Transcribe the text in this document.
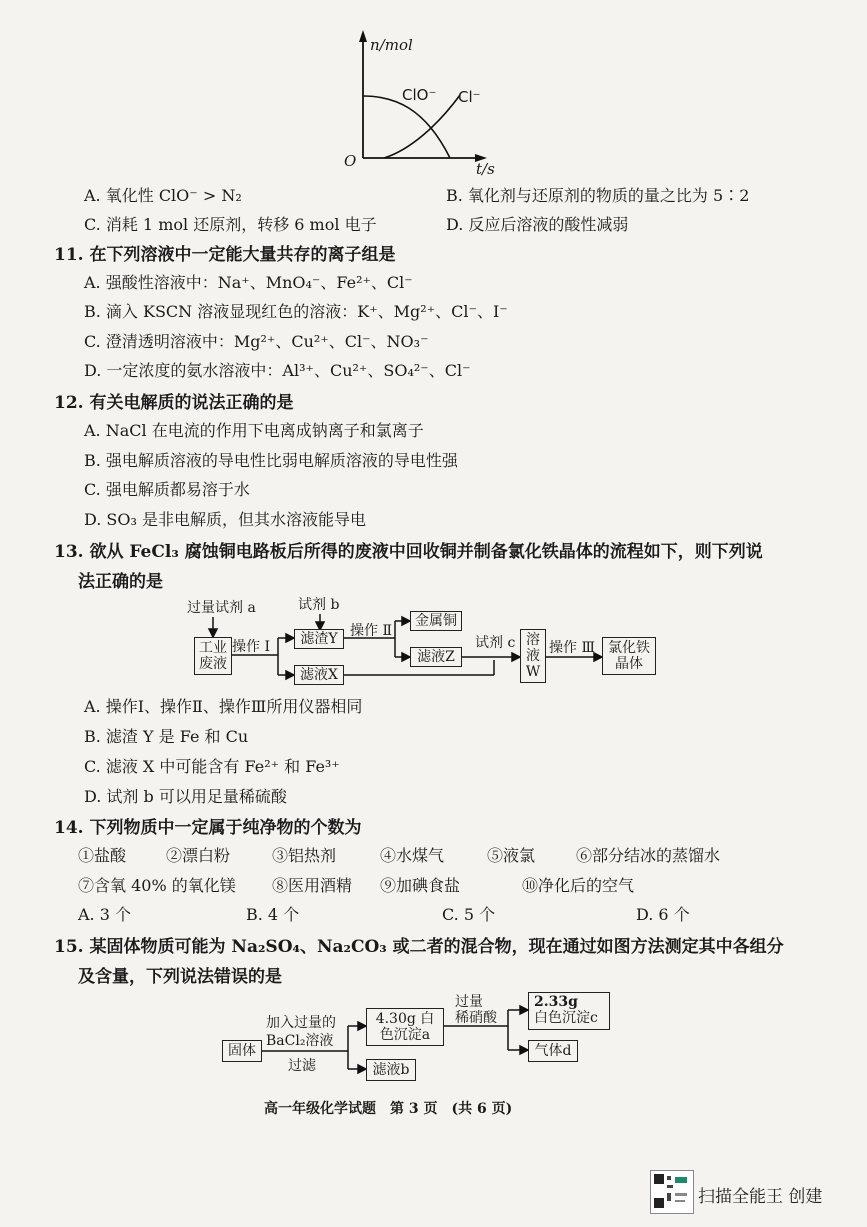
n/mol
t/s
O
ClO⁻ Cl⁻
A. 氧化性 ClO⁻ > N₂	B. 氧化剂与还原剂的物质的量之比为 5∶2
C. 消耗 1 mol 还原剂，转移 6 mol 电子	D. 反应后溶液的酸性减弱
11. 在下列溶液中一定能大量共存的离子组是
A. 强酸性溶液中：Na⁺、MnO₄⁻、Fe²⁺、Cl⁻
B. 滴入 KSCN 溶液显现红色的溶液：K⁺、Mg²⁺、Cl⁻、I⁻
C. 澄清透明溶液中：Mg²⁺、Cu²⁺、Cl⁻、NO₃⁻
D. 一定浓度的氨水溶液中：Al³⁺、Cu²⁺、SO₄²⁻、Cl⁻
12. 有关电解质的说法正确的是
A. NaCl 在电流的作用下电离成钠离子和氯离子
B. 强电解质溶液的导电性比弱电解质溶液的导电性强
C. 强电解质都易溶于水
D. SO₃ 是非电解质，但其水溶液能导电
13. 欲从 FeCl₃ 腐蚀铜电路板后所得的废液中回收铜并制备氯化铁晶体的流程如下，则下列说
法正确的是
过量试剂 a	试剂 b
操作 Ⅰ
操作 Ⅱ
试剂 c 操作 Ⅲ
工业废液
滤渣Y
滤液X
金属铜
滤液Z
溶液W
氯化铁晶体
A. 操作Ⅰ、操作Ⅱ、操作Ⅲ所用仪器相同
B. 滤渣 Y 是 Fe 和 Cu
C. 滤液 X 中可能含有 Fe²⁺ 和 Fe³⁺
D. 试剂 b 可以用足量稀硫酸
14. 下列物质中一定属于纯净物的个数为
①盐酸 ②漂白粉	③铝热剂	④水煤气	⑤液氯	⑥部分结冰的蒸馏水
⑦含氧 40% 的氧化镁 ⑧医用酒精 ⑨加碘食盐	⑩净化后的空气
A. 3 个	B. 4 个	C. 5 个	D. 6 个
15. 某固体物质可能为 Na₂SO₄、Na₂CO₃ 或二者的混合物，现在通过如图方法测定其中各组分
及含量，下列说法错误的是
固体
加入过量的
BaCl₂溶液
过滤
4.30g 白色沉淀a
滤液b
过量
稀硝酸
2.33g
白色沉淀c
气体d
高一年级化学试题　第 3 页　(共 6 页)
扫描全能王 创建
